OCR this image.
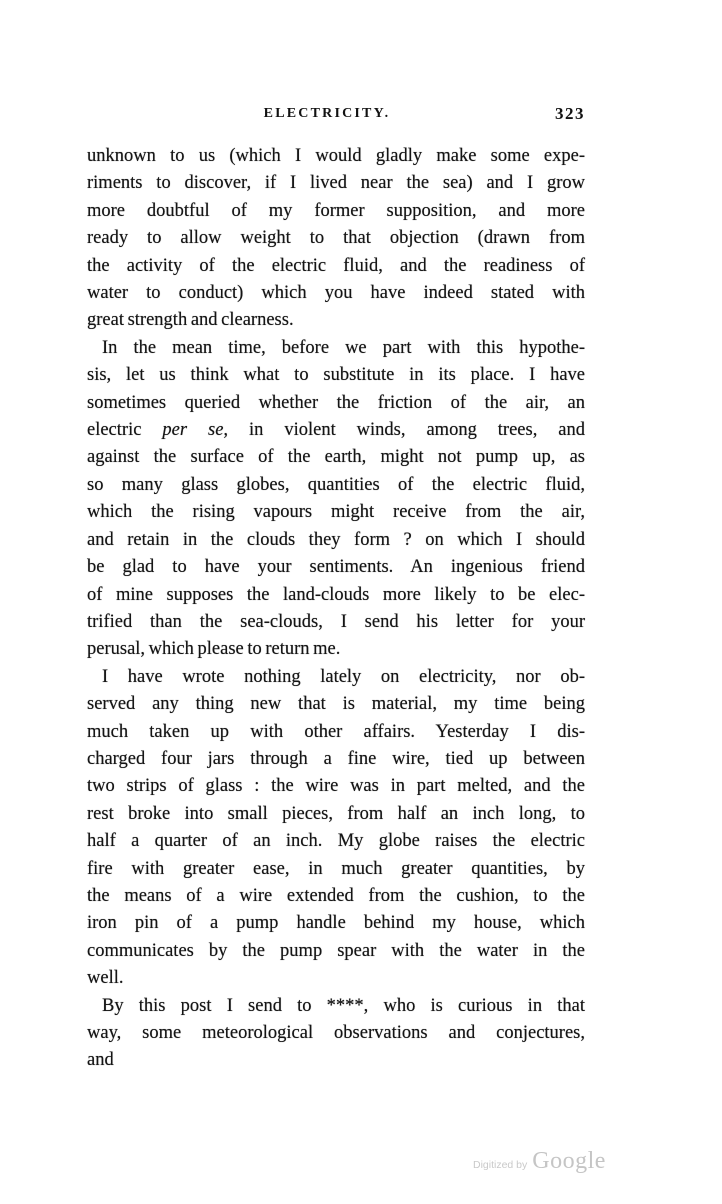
ELECTRICITY.	323
unknown to us (which I would gladly make some expe-
riments to discover, if I lived near the sea) and I grow
more doubtful of my former supposition, and more
ready to allow weight to that objection (drawn from
the activity of the electric fluid, and the readiness of
water to conduct) which you have indeed stated with
great strength and clearness.
In the mean time, before we part with this hypothe-
sis, let us think what to substitute in its place. I have
sometimes queried whether the friction of the air, an
electric per se, in violent winds, among trees, and
against the surface of the earth, might not pump up, as
so many glass globes, quantities of the electric fluid,
which the rising vapours might receive from the air,
and retain in the clouds they form ? on which I should
be glad to have your sentiments. An ingenious friend
of mine supposes the land-clouds more likely to be elec-
trified than the sea-clouds, I send his letter for your
perusal, which please to return me.
I have wrote nothing lately on electricity, nor ob-
served any thing new that is material, my time being
much taken up with other affairs. Yesterday I dis-
charged four jars through a fine wire, tied up between
two strips of glass : the wire was in part melted, and the
rest broke into small pieces, from half an inch long, to
half a quarter of an inch. My globe raises the electric
fire with greater ease, in much greater quantities, by
the means of a wire extended from the cushion, to the
iron pin of a pump handle behind my house, which
communicates by the pump spear with the water in the
well.
By this post I send to ****, who is curious in that
way, some meteorological observations and conjectures,
and
Digitized by Google
